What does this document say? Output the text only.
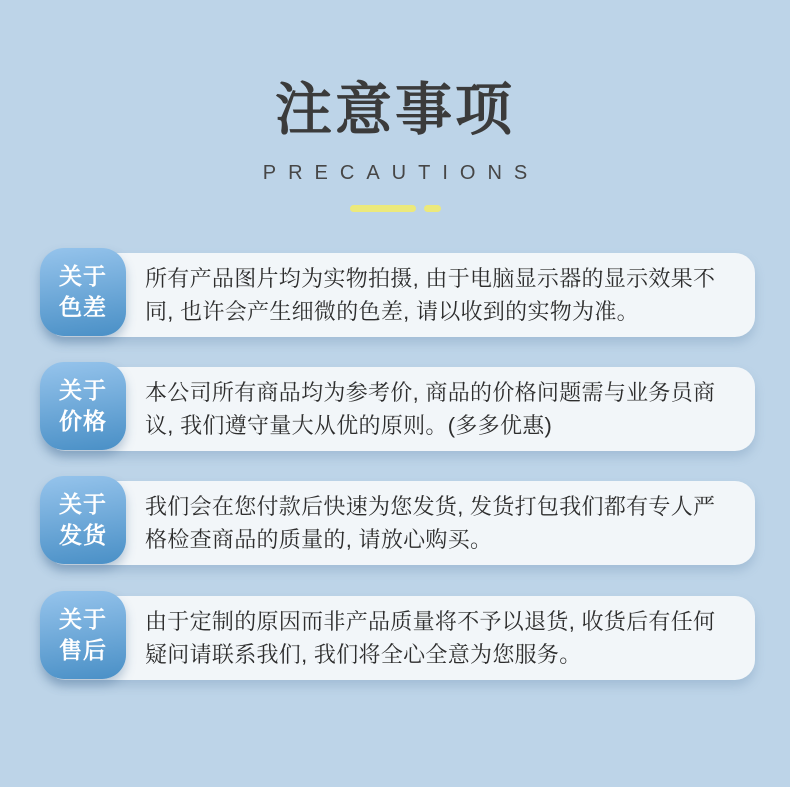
注意事项
PRECAUTIONS

所有产品图片均为实物拍摄, 由于电脑显示器的显示效果不同, 也许会产生细微的色差, 请以收到的实物为准。

关于
色差

本公司所有商品均为参考价, 商品的价格问题需与业务员商议, 我们遵守量大从优的原则。(多多优惠)

关于
价格

我们会在您付款后快速为您发货, 发货打包我们都有专人严格检查商品的质量的, 请放心购买。

关于
发货

由于定制的原因而非产品质量将不予以退货, 收货后有任何疑问请联系我们, 我们将全心全意为您服务。

关于
售后
